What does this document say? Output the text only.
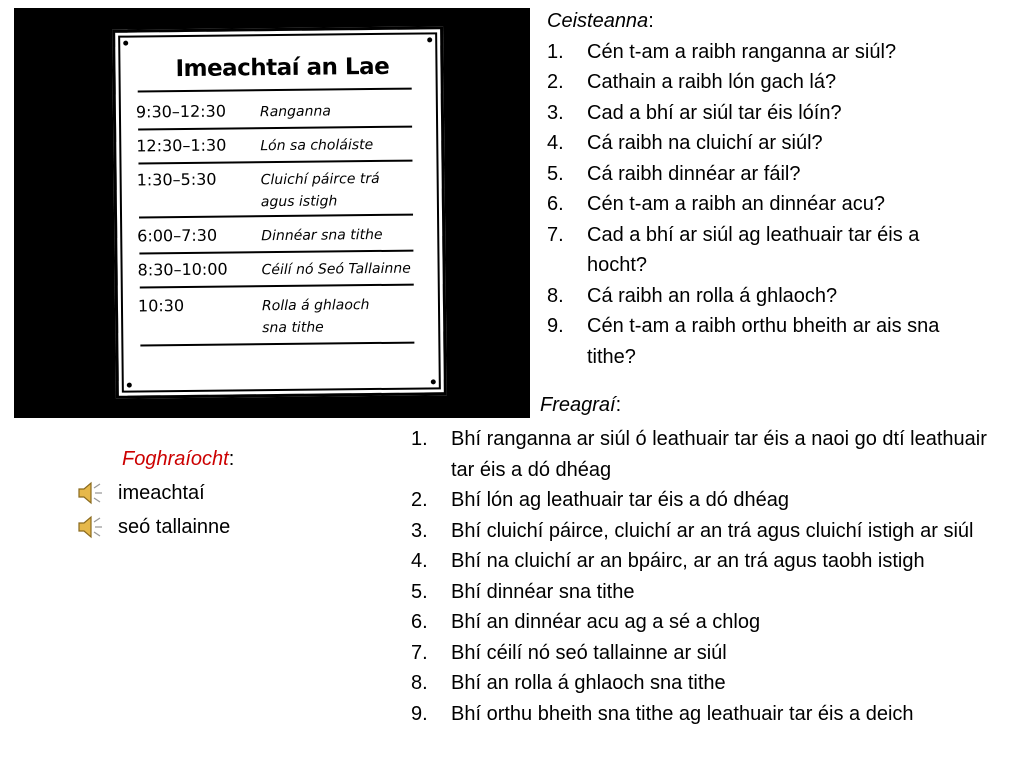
Imeachtaí an Lae
9:30–12:30 Ranganna
12:30–1:30 Lón sa choláiste
1:30–5:30	Cluichí páirce trá
agus istigh
6:00–7:30	Dinnéar sna tithe
8:30–10:00 Céilí nó Seó Tallainne
10:30	Rolla á ghlaoch
sna tithe
Ceisteanna:
1. Cén t-am a raibh ranganna ar siúl?
2. Cathain a raibh lón gach lá?
3. Cad a bhí ar siúl tar éis lóín?
4. Cá raibh na cluichí ar siúl?
5. Cá raibh dinnéar ar fáil?
6. Cén t-am a raibh an dinnéar acu?
7. Cad a bhí ar siúl ag leathuair tar éis a hocht?
8. Cá raibh an rolla á ghlaoch?
9. Cén t-am a raibh orthu bheith ar ais sna tithe?
Freagraí:
1. Bhí ranganna ar siúl ó leathuair tar éis a naoi go dtí leathuair tar éis a dó dhéag
2. Bhí lón ag leathuair tar éis a dó dhéag
3. Bhí cluichí páirce, cluichí ar an trá agus cluichí istigh ar siúl
4. Bhí na cluichí ar an bpáirc, ar an trá agus taobh istigh
5. Bhí dinnéar sna tithe
6. Bhí an dinnéar acu ag a sé a chlog
7. Bhí céilí nó seó tallainne ar siúl
8. Bhí an rolla á ghlaoch sna tithe
9. Bhí orthu bheith sna tithe ag leathuair tar éis a deich
Foghraíocht:
imeachtaí
seó tallainne
